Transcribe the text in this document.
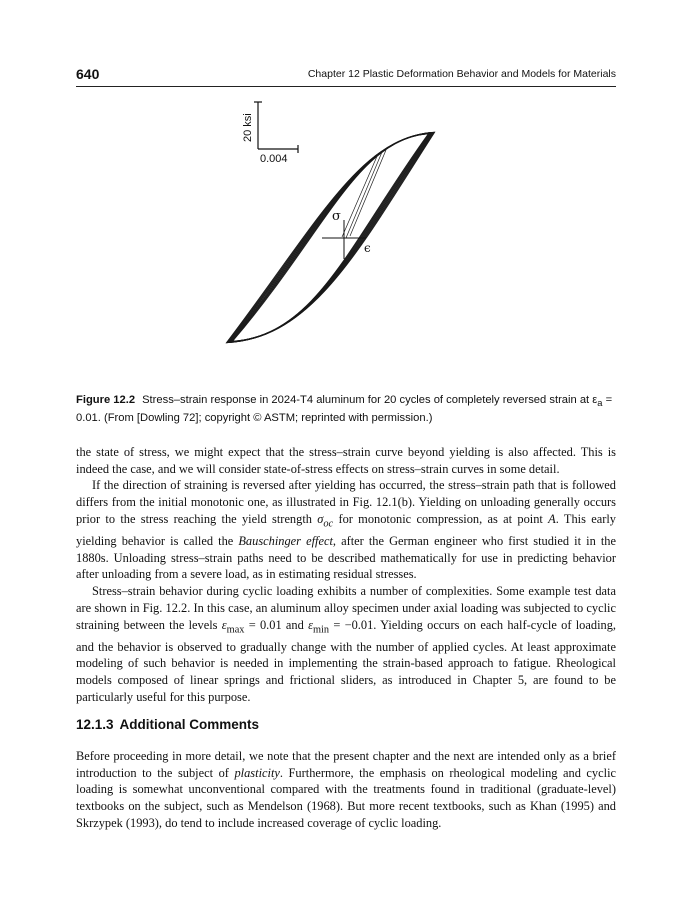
640	Chapter 12 Plastic Deformation Behavior and Models for Materials
20 ksi
0.004
σ
ϵ
Figure 12.2 Stress–strain response in 2024-T4 aluminum for 20 cycles of completely reversed strain at $\varepsilon_a = 0.01$. (From [Dowling 72]; copyright © ASTM; reprinted with permission.)

the state of stress, we might expect that the stress–strain curve beyond yielding is also affected. This is indeed the case, and we will consider state-of-stress effects on stress–strain curves in some detail.

If the direction of straining is reversed after yielding has occurred, the stress–strain path that is followed differs from the initial monotonic one, as illustrated in Fig. 12.1(b). Yielding on unloading generally occurs prior to the stress reaching the yield strength $\sigma_{oc}$ for monotonic compression, as at point A. This early yielding behavior is called the Bauschinger effect, after the German engineer who first studied it in the 1880s. Unloading stress–strain paths need to be described mathematically for use in predicting behavior after unloading from a severe load, as in estimating residual stresses.

Stress–strain behavior during cyclic loading exhibits a number of complexities. Some example test data are shown in Fig. 12.2. In this case, an aluminum alloy specimen under axial loading was subjected to cyclic straining between the levels $\varepsilon_{max} = 0.01$ and $\varepsilon_{min} = -0.01$. Yielding occurs on each half-cycle of loading, and the behavior is observed to gradually change with the number of applied cycles. At least approximate modeling of such behavior is needed in implementing the strain-based approach to fatigue. Rheological models composed of linear springs and frictional sliders, as introduced in Chapter 5, are found to be particularly useful for this purpose.

12.1.3 Additional Comments

Before proceeding in more detail, we note that the present chapter and the next are intended only as a brief introduction to the subject of plasticity. Furthermore, the emphasis on rheological modeling and cyclic loading is somewhat unconventional compared with the treatments found in traditional (graduate-level) textbooks on the subject, such as Mendelson (1968). But more recent textbooks, such as Khan (1995) and Skrzypek (1993), do tend to include increased coverage of cyclic loading.
